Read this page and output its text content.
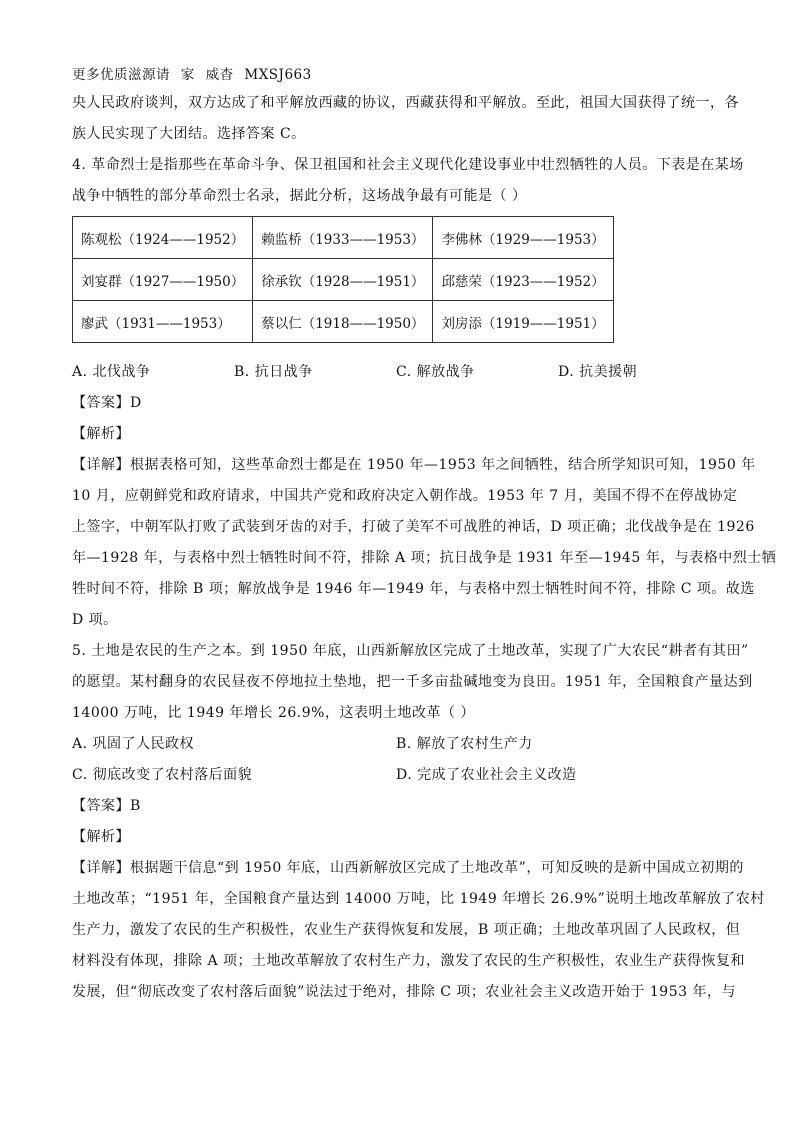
更多优质滋源请 家 威杳 MXSJ663
央人民政府谈判，双方达成了和平解放西藏的协议，西藏获得和平解放。至此，祖国大国获得了统一，各
族人民实现了大团结。选择答案 C。
4. 革命烈士是指那些在革命斗争、保卫祖国和社会主义现代化建设事业中壮烈牺牲的人员。下表是在某场
战争中牺牲的部分革命烈士名录，据此分析，这场战争最有可能是（ ）
陈观松（1924——1952）	赖监桥（1933——1953）	李佛林（1929——1953）
刘宴群（1927——1950）	徐承钦（1928——1951）	邱慈荣（1923——1952）
廖武（1931——1953）	蔡以仁（1918——1950）	刘房添（1919——1951）
A. 北伐战争	B. 抗日战争	C. 解放战争	D. 抗美援朝
【答案】D
【解析】
【详解】根据表格可知，这些革命烈士都是在 1950 年—1953 年之间牺牲，结合所学知识可知，1950 年
10 月，应朝鲜党和政府请求，中国共产党和政府决定入朝作战。1953 年 7 月，美国不得不在停战协定
上签字，中朝军队打败了武装到牙齿的对手，打破了美军不可战胜的神话，D 项正确；北伐战争是在 1926
年—1928 年，与表格中烈士牺牲时间不符，排除 A 项；抗日战争是 1931 年至—1945 年，与表格中烈士牺
牲时间不符，排除 B 项；解放战争是 1946 年—1949 年，与表格中烈士牺牲时间不符，排除 C 项。故选
D 项。
5. 土地是农民的生产之本。到 1950 年底，山西新解放区完成了土地改革，实现了广大农民“耕者有其田”
的愿望。某村翻身的农民昼夜不停地拉土垫地，把一千多亩盐碱地变为良田。1951 年，全国粮食产量达到
14000 万吨，比 1949 年增长 26.9%，这表明土地改革（ ）
A. 巩固了人民政权	B. 解放了农村生产力
C. 彻底改变了农村落后面貌	D. 完成了农业社会主义改造
【答案】B
【解析】
【详解】根据题干信息“到 1950 年底，山西新解放区完成了土地改革”，可知反映的是新中国成立初期的
土地改革；“1951 年，全国粮食产量达到 14000 万吨，比 1949 年增长 26.9%”说明土地改革解放了农村
生产力，激发了农民的生产积极性，农业生产获得恢复和发展，B 项正确；土地改革巩固了人民政权，但
材料没有体现，排除 A 项；土地改革解放了农村生产力，激发了农民的生产积极性，农业生产获得恢复和
发展，但“彻底改变了农村落后面貌”说法过于绝对，排除 C 项；农业社会主义改造开始于 1953 年，与
